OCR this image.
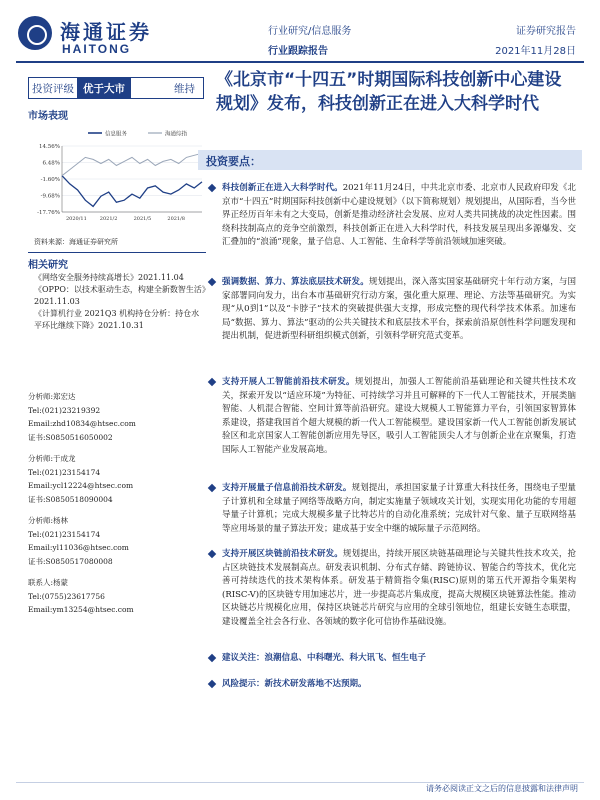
海通证券
HAITONG
行业研究/信息服务
行业跟踪报告
证券研究报告
2021年11月28日
投资评级 优于大市	维持
市场表现
信息服务	海通综指
14.56%
6.48%
-1.60%
-9.68%
-17.76%
2020/11	2021/2	2021/5	2021/8
资料来源：海通证券研究所
相关研究
《网络安全服务持续高增长》2021.11.04
《OPPO：以技术驱动生态，构建全新数智生活》2021.11.03
《计算机行业 2021Q3 机构持仓分析：持仓水平环比继续下降》2021.10.31
分析师:郑宏达
Tel:(021)23219392
Email:zhd10834@htsec.com
证书:S0850516050002
分析师:于成龙
Tel:(021)23154174
Email:ycl12224@htsec.com
证书:S0850518090004
分析师:杨林
Tel:(021)23154174
Email:yl11036@htsec.com
证书:S0850517080008
联系人:杨蒙
Tel:(0755)23617756
Email:ym13254@htsec.com
《北京市“十四五”时期国际科技创新中心建设规划》发布，科技创新正在进入大科学时代
投资要点：
科技创新正在进入大科学时代。2021年11月24日，中共北京市委、北京市人民政府印发《北京市“十四五”时期国际科技创新中心建设规划》（以下简称规划）规划提出，从国际看，当今世界正经历百年未有之大变局，创新是推动经济社会发展、应对人类共同挑战的决定性因素。围绕科技制高点的竞争空前激烈，科技创新正在进入大科学时代，科技发展呈现出多源爆发、交汇叠加的“浪涌”现象，量子信息、人工智能、生命科学等前沿领域加速突破。
强调数据、算力、算法底层技术研发。规划提出，深入落实国家基础研究十年行动方案，与国家部署同向发力，出台本市基础研究行动方案，强化重大原理、理论、方法等基础研究。为实现“从0到1”以及“卡脖子”技术的突破提供强大支撑，形成完整的现代科学技术体系。加速布局“数据、算力、算法”驱动的公共关键技术和底层技术平台，探索前沿原创性科学问题发现和提出机制，促进新型科研组织模式创新，引领科学研究范式变革。
支持开展人工智能前沿技术研发。规划提出，加强人工智能前沿基础理论和关键共性技术攻关，探索开发以“适应环境”为特征、可持续学习并且可解释的下一代人工智能技术，开展类脑智能、人机混合智能、空间计算等前沿研究。建设大规模人工智能算力平台，引领国家智算体系建设，搭建我国首个超大规模的新一代人工智能模型。建设国家新一代人工智能创新发展试验区和北京国家人工智能创新应用先导区，吸引人工智能顶尖人才与创新企业在京聚集，打造国际人工智能产业发展高地。
支持开展量子信息前沿技术研发。规划提出，承担国家量子计算重大科技任务，围绕电子型量子计算机和全球量子网络等战略方向，制定实施量子领域攻关计划，实现实用化功能的专用超导量子计算机；完成大规模多量子比特芯片的自动化准系统；完成针对气象、量子互联网络基等应用场景的量子算法开发；建成基于安全中继的城际量子示范网络。
支持开展区块链前沿技术研发。规划提出，持续开展区块链基础理论与关键共性技术攻关，抢占区块链技术发展制高点。研发表识机制、分布式存储、跨链协议、智能合约等技术，优化完善可持续迭代的技术架构体系。研发基于精简指令集(RISC)原则的第五代开源指令集架构(RISC-V)的区块链专用加速芯片，进一步提高芯片集成度，提高大规模区块链算法性能。推动区块链芯片规模化应用，保持区块链芯片研究与应用的全球引领地位，组建长安链生态联盟，建设覆盖全社会各行业、各领域的数字化可信协作基础设施。
建议关注：浪潮信息、中科曙光、科大讯飞、恒生电子
风险提示：新技术研发落地不达预期。
请务必阅读正文之后的信息披露和法律声明
